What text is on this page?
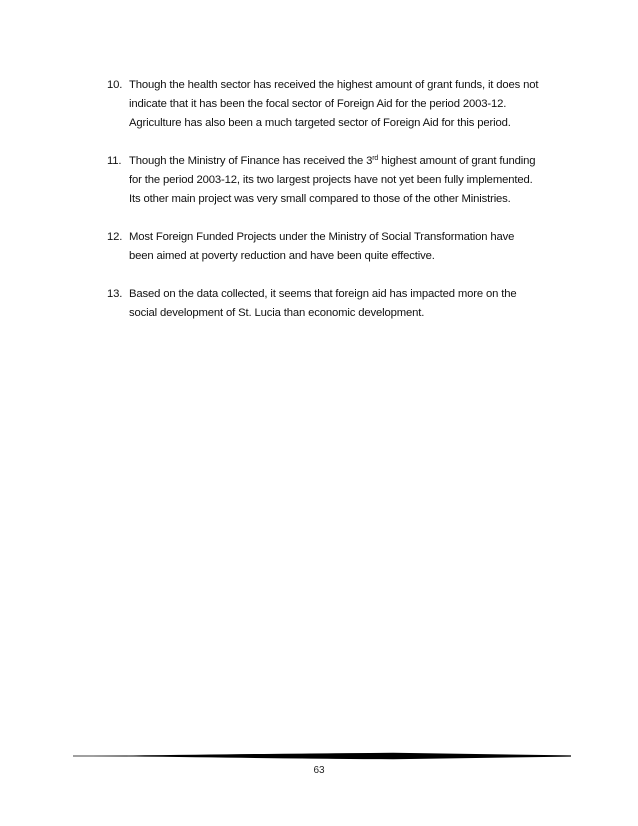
10. Though the health sector has received the highest amount of grant funds, it does not
indicate that it has been the focal sector of Foreign Aid for the period 2003-12.
Agriculture has also been a much targeted sector of Foreign Aid for this period.
11. Though the Ministry of Finance has received the 3rd highest amount of grant funding
for the period 2003-12, its two largest projects have not yet been fully implemented.
Its other main project was very small compared to those of the other Ministries.
12. Most Foreign Funded Projects under the Ministry of Social Transformation have
been aimed at poverty reduction and have been quite effective.
13. Based on the data collected, it seems that foreign aid has impacted more on the
social development of St. Lucia than economic development.
63
